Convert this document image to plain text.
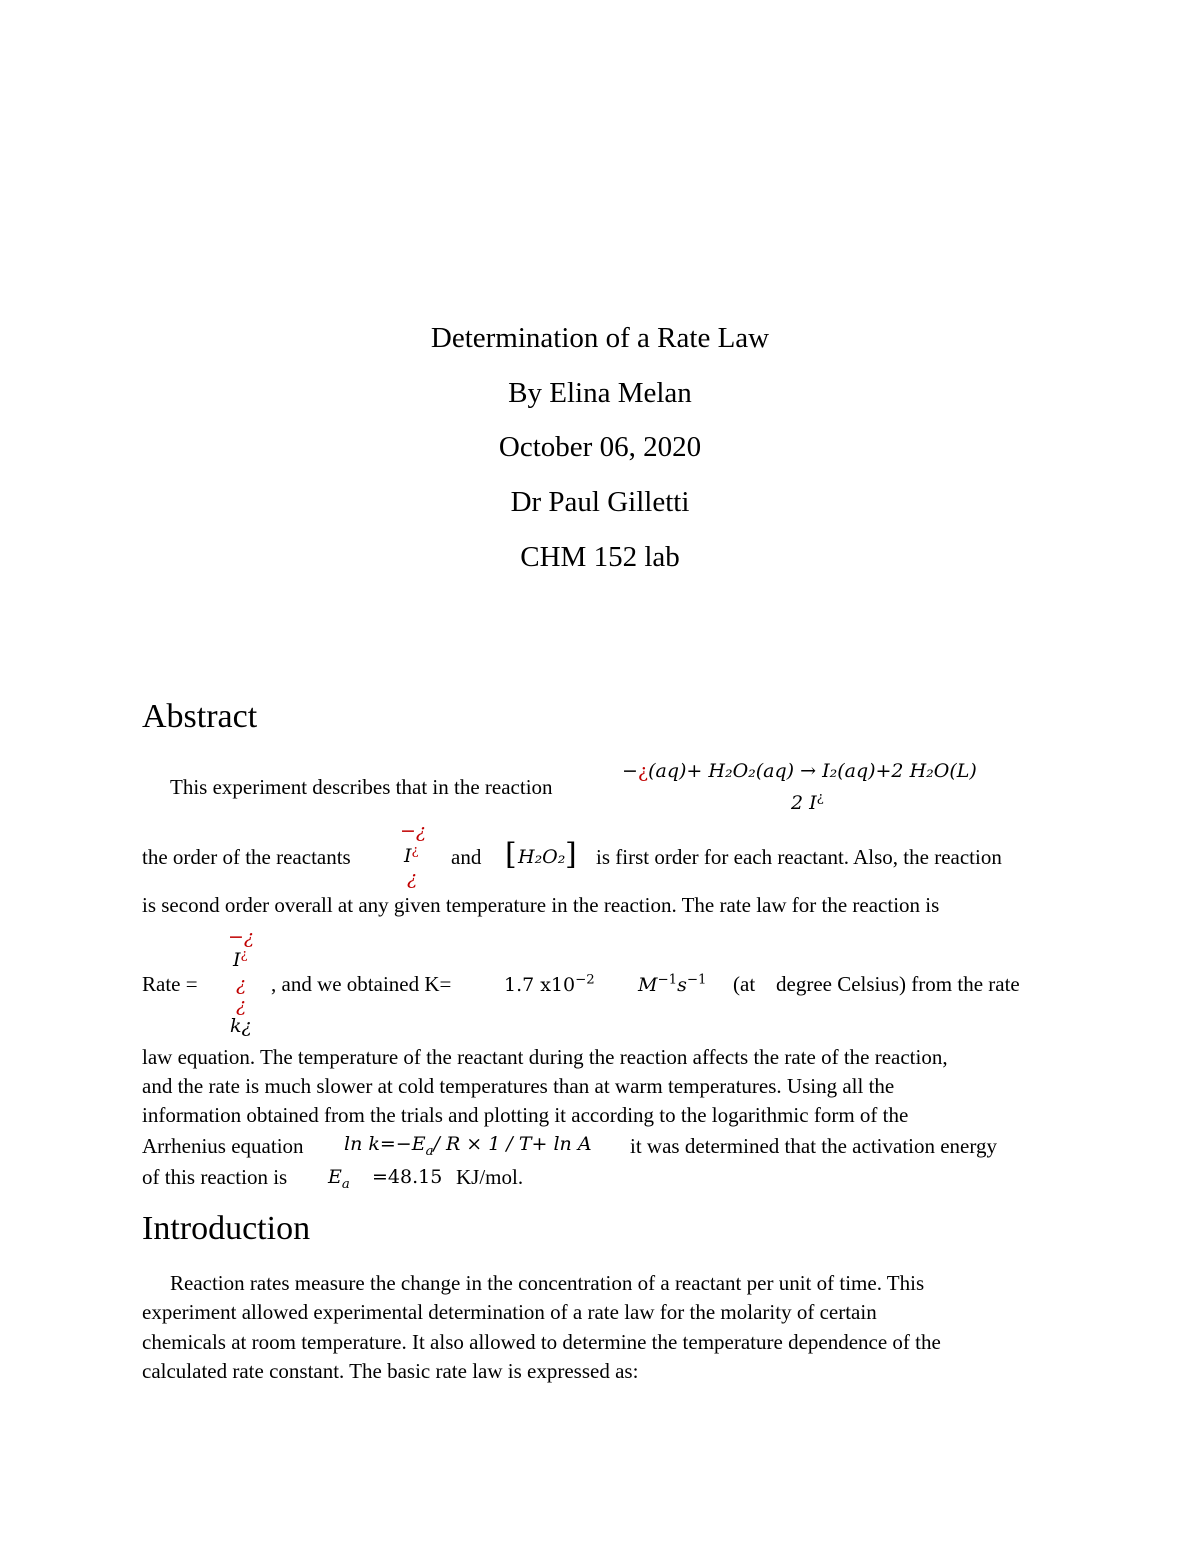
Determination of a Rate Law
By Elina Melan
October 06, 2020
Dr Paul Gilletti
CHM 152 lab
Abstract
This experiment describes that in the reaction
−¿(aq)+ H₂O₂(aq) → I₂(aq)+2 H₂O(L)
2 I¿
the order of the reactants
−¿
I¿
¿
and [ H₂O₂ ] is first order for each reactant. Also, the reaction
is second order overall at any given temperature in the reaction. The rate law for the reaction is
Rate =
−¿
I¿
¿
¿
k¿
, and we obtained K=	1.7 $x10^{-2}$ $M^{-1}s^{-1}$ (at degree Celsius) from the rate
law equation. The temperature of the reactant during the reaction affects the rate of the reaction,
and the rate is much slower at cold temperatures than at warm temperatures. Using all the
information obtained from the trials and plotting it according to the logarithmic form of the
Arrhenius equation $\ln k=-E_a∕$ R × 1 ∕ T+ ln A it was determined that the activation energy
of this reaction is $E_a =48.15$ KJ/mol.
Introduction
Reaction rates measure the change in the concentration of a reactant per unit of time. This
experiment allowed experimental determination of a rate law for the molarity of certain
chemicals at room temperature. It also allowed to determine the temperature dependence of the
calculated rate constant. The basic rate law is expressed as:
